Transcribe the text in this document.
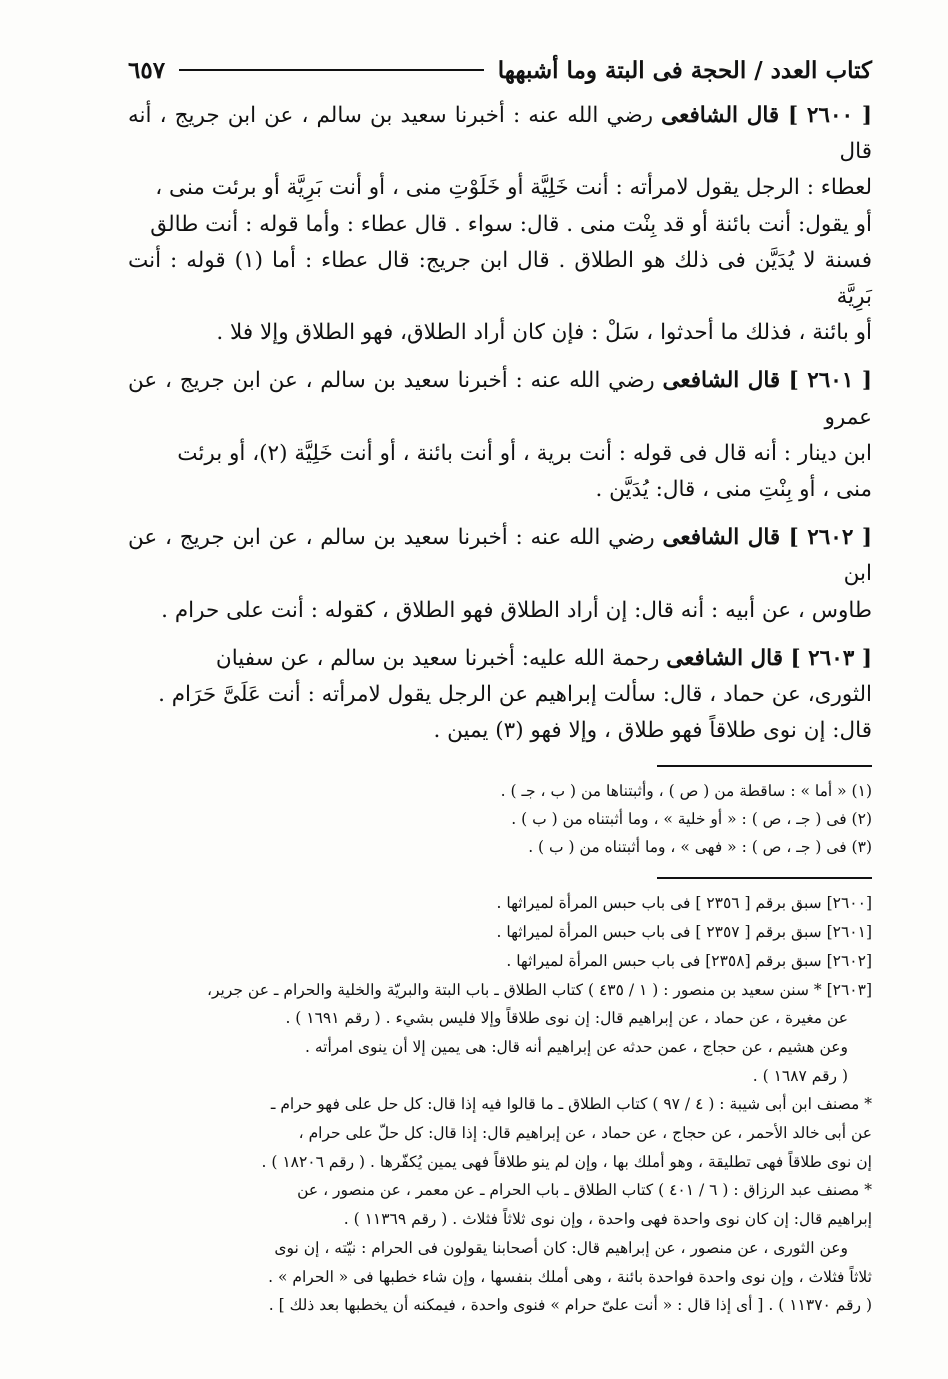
كتاب العدد / الحجة فى البتة وما أشبهها
٦٥٧

[ ٢٦٠٠ ] قال الشافعى رضي الله عنه : أخبرنا سعيد بن سالم ، عن ابن جريج ، أنه قال

لعطاء : الرجل يقول لامرأته : أنت خَلِيَّة أو خَلَوْتِ منى ، أو أنت بَرِيَّة أو برئت منى ،

أو يقول: أنت بائنة أو قد بِنْت منى . قال: سواء . قال عطاء : وأما قوله : أنت طالق

فسنة لا يُدَيَّن فى ذلك هو الطلاق . قال ابن جريج: قال عطاء : أما (١) قوله : أنت بَرِيَّة

أو بائنة ، فذلك ما أحدثوا ، سَلْ : فإن كان أراد الطلاق، فهو الطلاق وإلا فلا .

[ ٢٦٠١ ] قال الشافعى رضي الله عنه : أخبرنا سعيد بن سالم ، عن ابن جريج ، عن عمرو

ابن دينار : أنه قال فى قوله : أنت برية ، أو أنت بائنة ، أو أنت خَلِيَّة (٢)، أو برئت

منى ، أو بِنْتِ منى ، قال: يُدَيَّن .

[ ٢٦٠٢ ] قال الشافعى رضي الله عنه : أخبرنا سعيد بن سالم ، عن ابن جريج ، عن ابن

طاوس ، عن أبيه : أنه قال: إن أراد الطلاق فهو الطلاق ، كقوله : أنت على حرام .

[ ٢٦٠٣ ] قال الشافعى رحمة الله عليه: أخبرنا سعيد بن سالم ، عن سفيان

الثورى، عن حماد ، قال: سألت إبراهيم عن الرجل يقول لامرأته : أنت عَلَىَّ حَرَام .

قال: إن نوى طلاقاً فهو طلاق ، وإلا فهو (٣) يمين .

(١) « أما » : ساقطة من ( ص ) ، وأثبتناها من ( ب ، جـ ) .

(٢) فى ( جـ ، ص ) : « أو خلية » ، وما أثبتناه من ( ب ) .

(٣) فى ( جـ ، ص ) : « فهى » ، وما أثبتناه من ( ب ) .

[٢٦٠٠] سبق برقم [ ٢٣٥٦ ] فى باب حبس المرأة لميراثها .

[٢٦٠١] سبق برقم [ ٢٣٥٧ ] فى باب حبس المرأة لميراثها .

[٢٦٠٢] سبق برقم [٢٣٥٨] فى باب حبس المرأة لميراثها .

[٢٦٠٣] * سنن سعيد بن منصور : ( ١ / ٤٣٥ ) كتاب الطلاق ـ باب البتة والبريّة والخلية والحرام ـ عن جرير،

عن مغيرة ، عن حماد ، عن إبراهيم قال: إن نوى طلاقاً وإلا فليس بشيء . ( رقم ١٦٩١ ) .

وعن هشيم ، عن حجاج ، عمن حدثه عن إبراهيم أنه قال: هى يمين إلا أن ينوى امرأته .

( رقم ١٦٨٧ ) .

* مصنف ابن أبى شيبة : ( ٤ / ٩٧ ) كتاب الطلاق ـ ما قالوا فيه إذا قال: كل حل على فهو حرام ـ

عن أبى خالد الأحمر ، عن حجاج ، عن حماد ، عن إبراهيم قال: إذا قال: كل حلّ على حرام ،

إن نوى طلاقاً فهى تطليقة ، وهو أملك بها ، وإن لم ينو طلاقاً فهى يمين يُكفّرها . ( رقم ١٨٢٠٦ ) .

* مصنف عبد الرزاق : ( ٦ / ٤٠١ ) كتاب الطلاق ـ باب الحرام ـ عن معمر ، عن منصور ، عن

إبراهيم قال: إن كان نوى واحدة فهى واحدة ، وإن نوى ثلاثاً فثلاث . ( رقم ١١٣٦٩ ) .

وعن الثورى ، عن منصور ، عن إبراهيم قال: كان أصحابنا يقولون فى الحرام : نيّته ، إن نوى

ثلاثاً فثلاث ، وإن نوى واحدة فواحدة بائنة ، وهى أملك بنفسها ، وإن شاء خطبها فى « الحرام » .

( رقم ١١٣٧٠ ) . [ أى إذا قال : « أنت علىّ حرام » فنوى واحدة ، فيمكنه أن يخطبها بعد ذلك ] .
